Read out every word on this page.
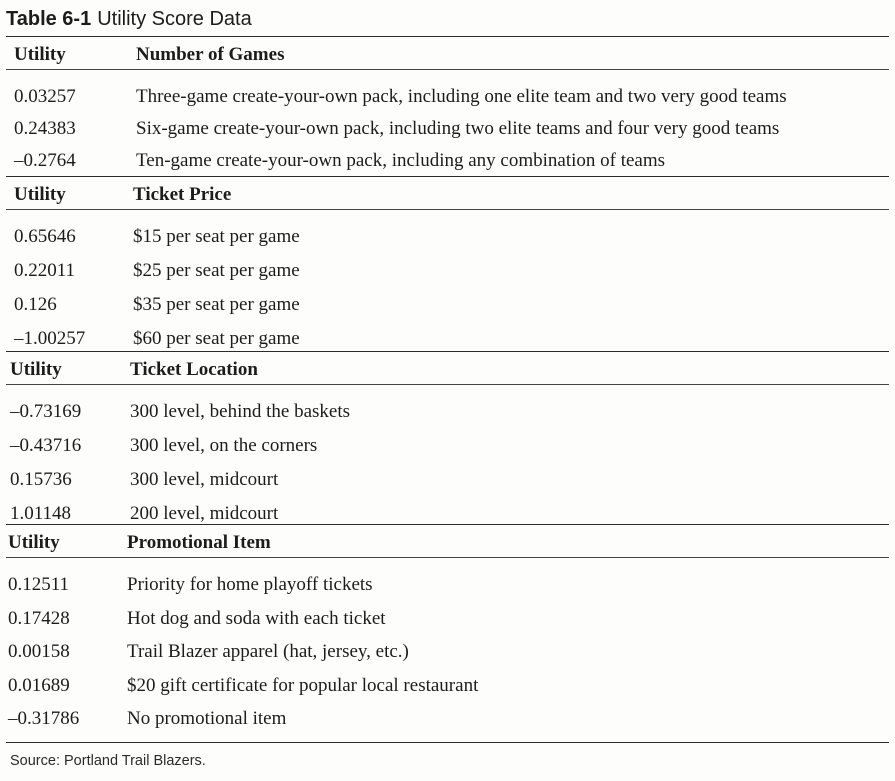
Table 6-1 Utility Score Data
Utility	Number of Games
0.03257	Three-game create-your-own pack, including one elite team and two very good teams
0.24383	Six-game create-your-own pack, including two elite teams and four very good teams
–0.2764	Ten-game create-your-own pack, including any combination of teams
Utility	Ticket Price
0.65646	$15 per seat per game
0.22011	$25 per seat per game
0.126	$35 per seat per game
–1.00257	$60 per seat per game
Utility	Ticket Location
–0.73169	300 level, behind the baskets
–0.43716	300 level, on the corners
0.15736	300 level, midcourt
1.01148	200 level, midcourt
Utility	Promotional Item
0.12511	Priority for home playoff tickets
0.17428	Hot dog and soda with each ticket
0.00158	Trail Blazer apparel (hat, jersey, etc.)
0.01689	$20 gift certificate for popular local restaurant
–0.31786	No promotional item
Source: Portland Trail Blazers.
